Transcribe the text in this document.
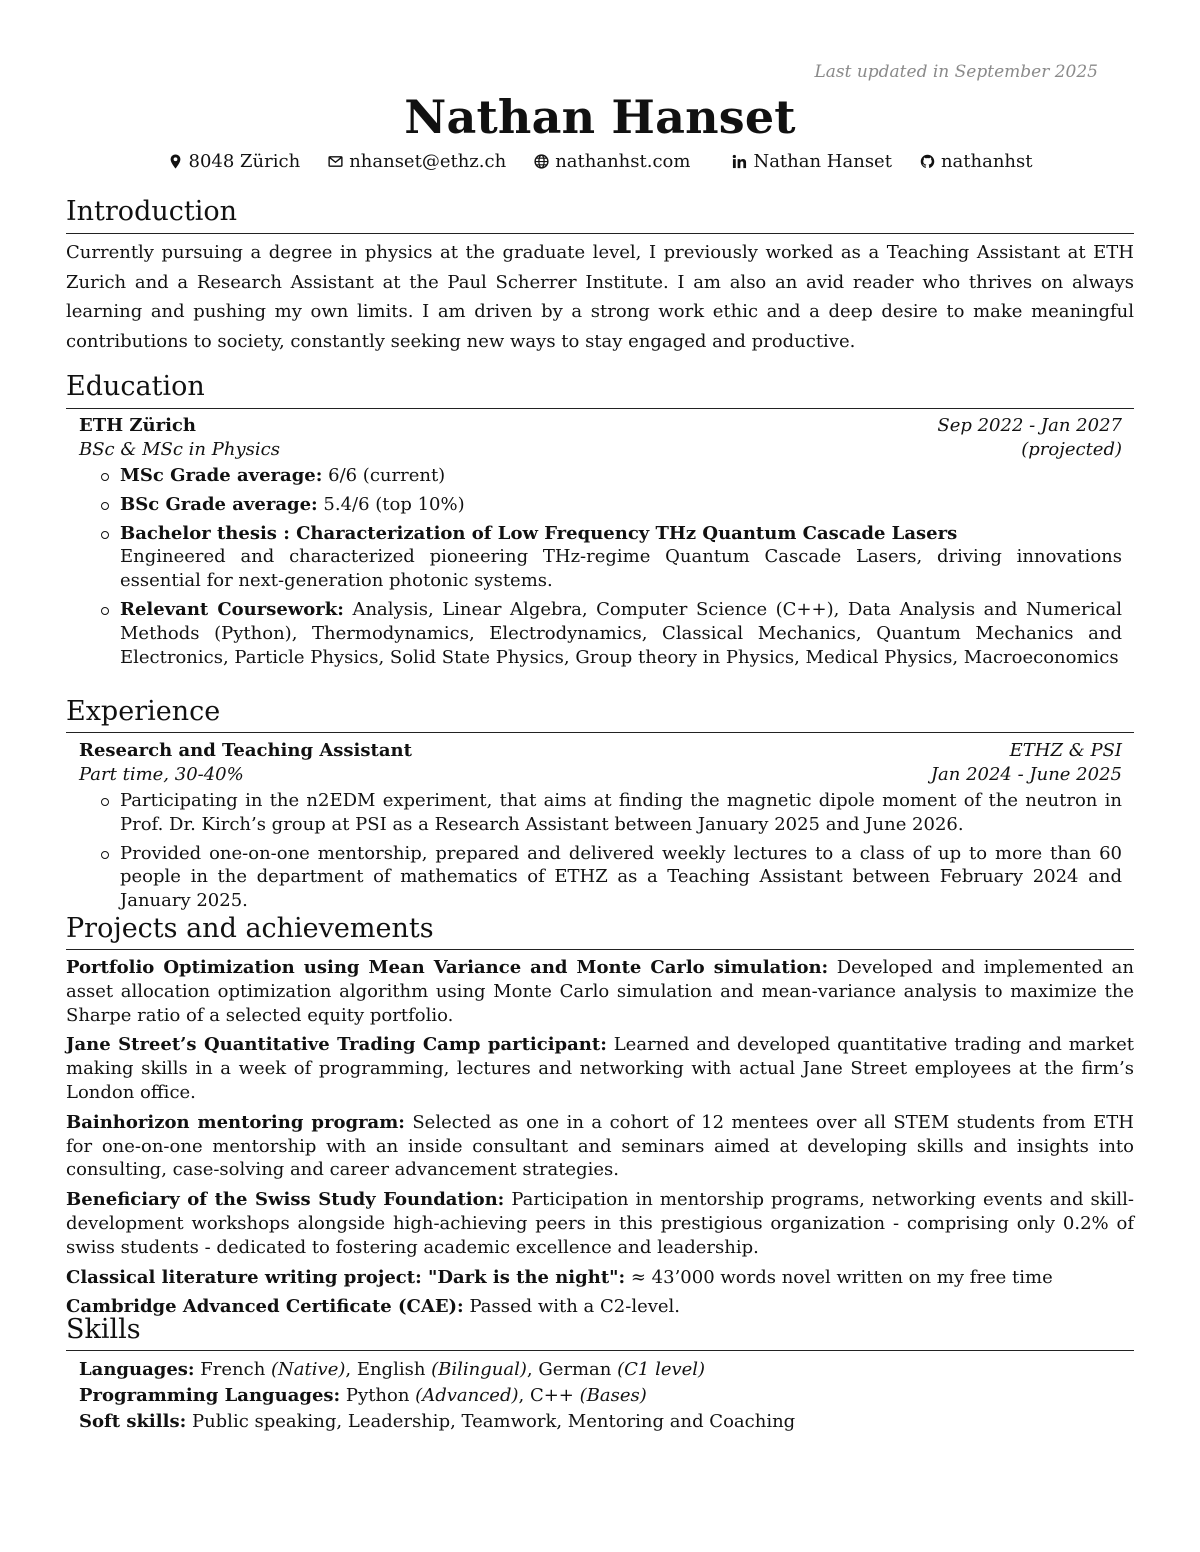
Last updated in September 2025
Nathan Hanset
8048 Zürich	nhanset@ethz.ch	nathanhst.com	Nathan Hanset	nathanhst
Introduction
Currently pursuing a degree in physics at the graduate level, I previously worked as a Teaching Assistant at ETH Zurich and a Research Assistant at the Paul Scherrer Institute. I am also an avid reader who thrives on always learning and pushing my own limits. I am driven by a strong work ethic and a deep desire to make meaningful contributions to society, constantly seeking new ways to stay engaged and productive.
Education
ETH Zürich	Sep 2022 - Jan 2027
BSc & MSc in Physics	(projected)
MSc Grade average: 6/6 (current)
BSc Grade average: 5.4/6 (top 10%)
Bachelor thesis : Characterization of Low Frequency THz Quantum Cascade Lasers
Engineered and characterized pioneering THz-regime Quantum Cascade Lasers, driving innovations essential for next-generation photonic systems.
Relevant Coursework: Analysis, Linear Algebra, Computer Science (C++), Data Analysis and Numerical Methods (Python), Thermodynamics, Electrodynamics, Classical Mechanics, Quantum Mechanics and Electronics, Particle Physics, Solid State Physics, Group theory in Physics, Medical Physics, Macroeconomics
Experience
Research and Teaching Assistant	ETHZ & PSI
Part time, 30-40%	Jan 2024 - June 2025
Participating in the n2EDM experiment, that aims at finding the magnetic dipole moment of the neutron in Prof. Dr. Kirch’s group at PSI as a Research Assistant between January 2025 and June 2026.
Provided one-on-one mentorship, prepared and delivered weekly lectures to a class of up to more than 60 people in the department of mathematics of ETHZ as a Teaching Assistant between February 2024 and January 2025.
Projects and achievements

Portfolio Optimization using Mean Variance and Monte Carlo simulation: Developed and implemented an asset allocation optimization algorithm using Monte Carlo simulation and mean-variance analysis to maximize the Sharpe ratio of a selected equity portfolio.

Jane Street’s Quantitative Trading Camp participant: Learned and developed quantitative trading and market making skills in a week of programming, lectures and networking with actual Jane Street employees at the firm’s London office.

Bainhorizon mentoring program: Selected as one in a cohort of 12 mentees over all STEM students from ETH for one-on-one mentorship with an inside consultant and seminars aimed at developing skills and insights into consulting, case-solving and career advancement strategies.

Beneficiary of the Swiss Study Foundation: Participation in mentorship programs, networking events and skill-development workshops alongside high-achieving peers in this prestigious organization - comprising only 0.2% of swiss students - dedicated to fostering academic excellence and leadership.

Classical literature writing project: "Dark is the night": ≈ 43’000 words novel written on my free time

Cambridge Advanced Certificate (CAE): Passed with a C2-level.

Skills
Languages: French (Native), English (Bilingual), German (C1 level)
Programming Languages: Python (Advanced), C++ (Bases)
Soft skills: Public speaking, Leadership, Teamwork, Mentoring and Coaching
